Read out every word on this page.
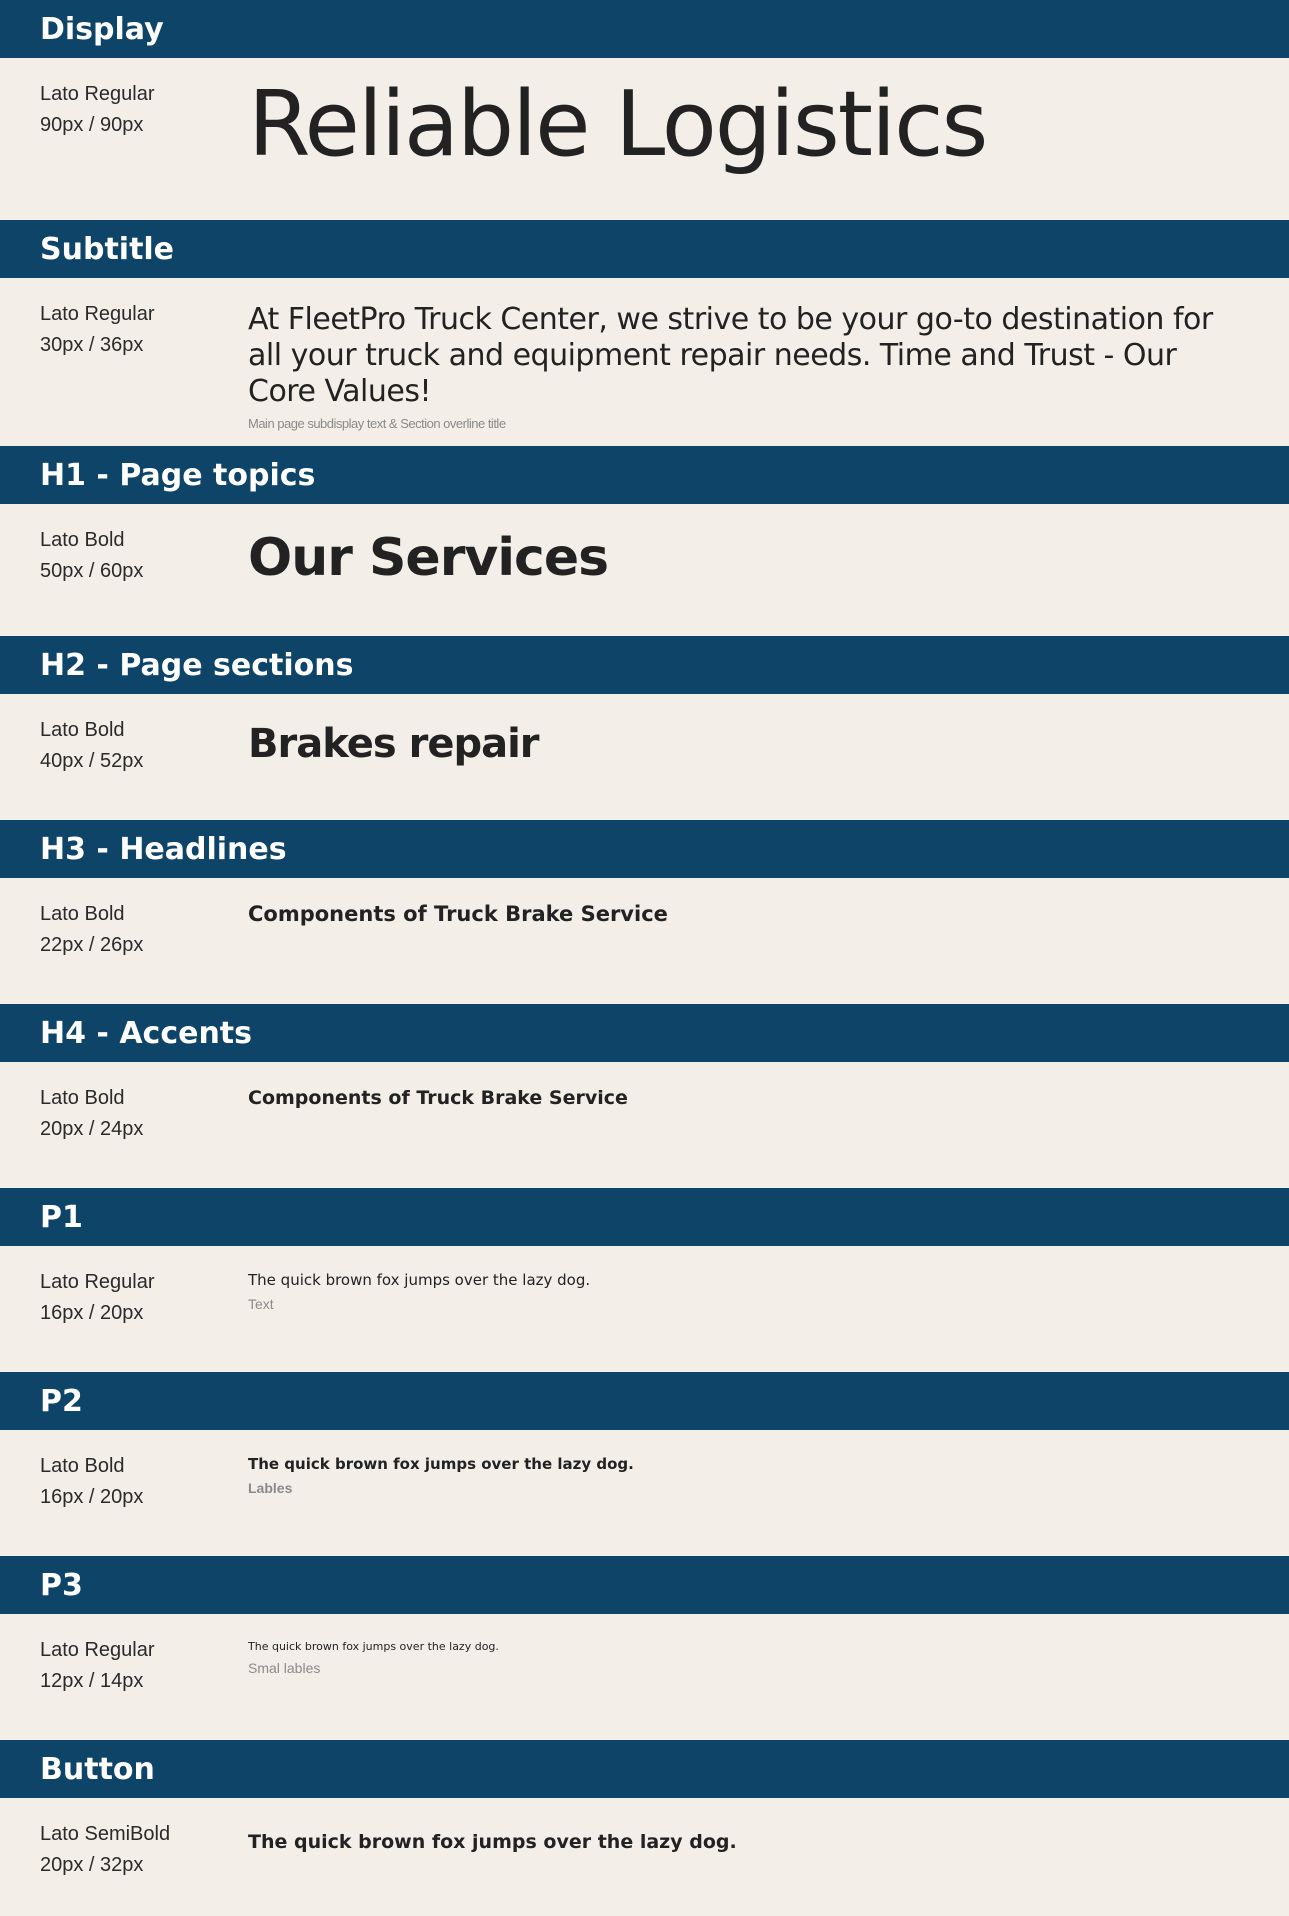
Display
Lato Regular
90px / 90px Reliable Logistics
Subtitle
Lato Regular
30px / 36px
At FleetPro Truck Center, we strive to be your go-to destination for all your truck and equipment repair needs. Time and Trust - Our Core Values!
Main page subdisplay text & Section overline title
H1 - Page topics
Lato Bold
50px / 60px Our Services
H2 - Page sections
Lato Bold
40px / 52px	Brakes repair
H3 - Headlines
Lato Bold
22px / 26px
Components of Truck Brake Service
H4 - Accents
Lato Bold
20px / 24px
Components of Truck Brake Service
P1
Lato Regular
16px / 20px
The quick brown fox jumps over the lazy dog.
Text
P2
Lato Bold
16px / 20px
The quick brown fox jumps over the lazy dog.
Lables
P3
Lato Regular
12px / 14px
The quick brown fox jumps over the lazy dog.
Smal lables
Button
Lato SemiBold
20px / 32px
The quick brown fox jumps over the lazy dog.
